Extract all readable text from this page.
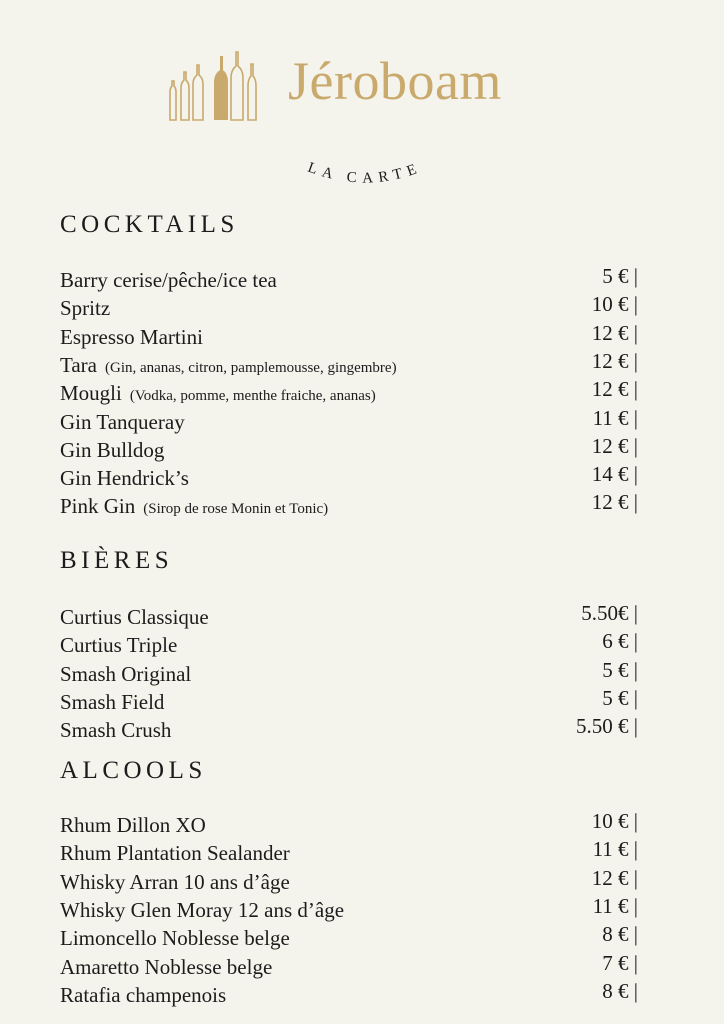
Jéroboam
LA CARTE
COCKTAILS
Barry cerise/pêche/ice tea	5 € |
Spritz	10 € |
Espresso Martini	12 € |
Tara (Gin, ananas, citron, pamplemousse, gingembre)	12 € |
Mougli (Vodka, pomme, menthe fraiche, ananas)	12 € |
Gin Tanqueray	11 € |
Gin Bulldog	12 € |
Gin Hendrick’s	14 € |
Pink Gin (Sirop de rose Monin et Tonic)	12 € |
BIÈRES
Curtius Classique	5.50€ |
Curtius Triple	6 € |
Smash Original	5 € |
Smash Field	5 € |
Smash Crush	5.50 € |
ALCOOLS
Rhum Dillon XO	10 € |
Rhum Plantation Sealander	11 € |
Whisky Arran 10 ans d’âge	12 € |
Whisky Glen Moray 12 ans d’âge	11 € |
Limoncello Noblesse belge	8 € |
Amaretto Noblesse belge	7 € |
Ratafia champenois	8 € |
